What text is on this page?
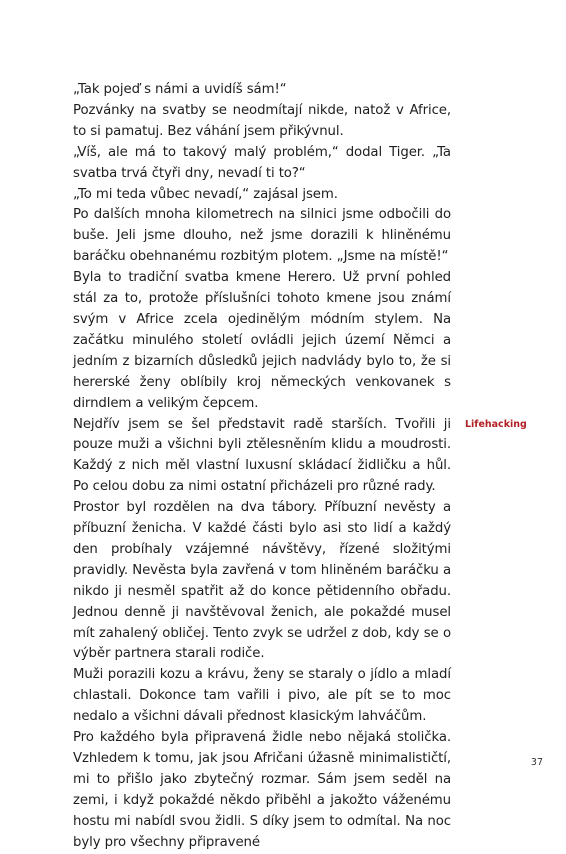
„Tak pojeď s námi a uvidíš sám!“

Pozvánky na svatby se neodmítají nikde, natož v Africe, to si pamatuj. Bez váhání jsem přikývnul.

„Víš, ale má to takový malý problém,“ dodal Tiger. „Ta svatba trvá čtyři dny, nevadí ti to?“

„To mi teda vůbec nevadí,“ zajásal jsem.

Po dalších mnoha kilometrech na silnici jsme odbočili do buše. Jeli jsme dlouho, než jsme dorazili k hliněnému baráčku obehnanému rozbitým plotem. „Jsme na místě!“

Byla to tradiční svatba kmene Herero. Už první pohled stál za to, protože příslušníci tohoto kmene jsou známí svým v Africe zcela ojedinělým módním stylem. Na začátku minulého století ovládli jejich území Němci a jedním z bizarních důsledků jejich nadvlády bylo to, že si hererské ženy oblíbily kroj německých venkovanek s dirndlem a velikým čepcem.

Nejdřív jsem se šel představit radě starších. Tvořili ji pouze muži a všichni byli ztělesněním klidu a moudrosti. Každý z nich měl vlastní luxusní skládací židličku a hůl. Po celou dobu za nimi ostatní přicházeli pro různé rady.

Prostor byl rozdělen na dva tábory. Příbuzní nevěsty a příbuzní ženicha. V každé části bylo asi sto lidí a každý den probíhaly vzájemné návštěvy, řízené složitými pravidly. Nevěsta byla zavřená v tom hliněném baráčku a nikdo ji nesměl spatřit až do konce pětidenního obřadu. Jednou denně ji navštěvoval ženich, ale pokaždé musel mít zahalený obličej. Tento zvyk se udržel z dob, kdy se o výběr partnera starali rodiče.

Muži porazili kozu a krávu, ženy se staraly o jídlo a mladí chlastali. Dokonce tam vařili i pivo, ale pít se to moc nedalo a všichni dávali přednost klasickým lahváčům.

Pro každého byla připravená židle nebo nějaká stolička. Vzhledem k tomu, jak jsou Afričani úžasně minimalističtí, mi to přišlo jako zbytečný rozmar. Sám jsem seděl na zemi, i když pokaždé někdo přiběhl a jakožto váženému hostu mi nabídl svou židli. S díky jsem to odmítal. Na noc byly pro všechny připravené

Lifehacking
37
